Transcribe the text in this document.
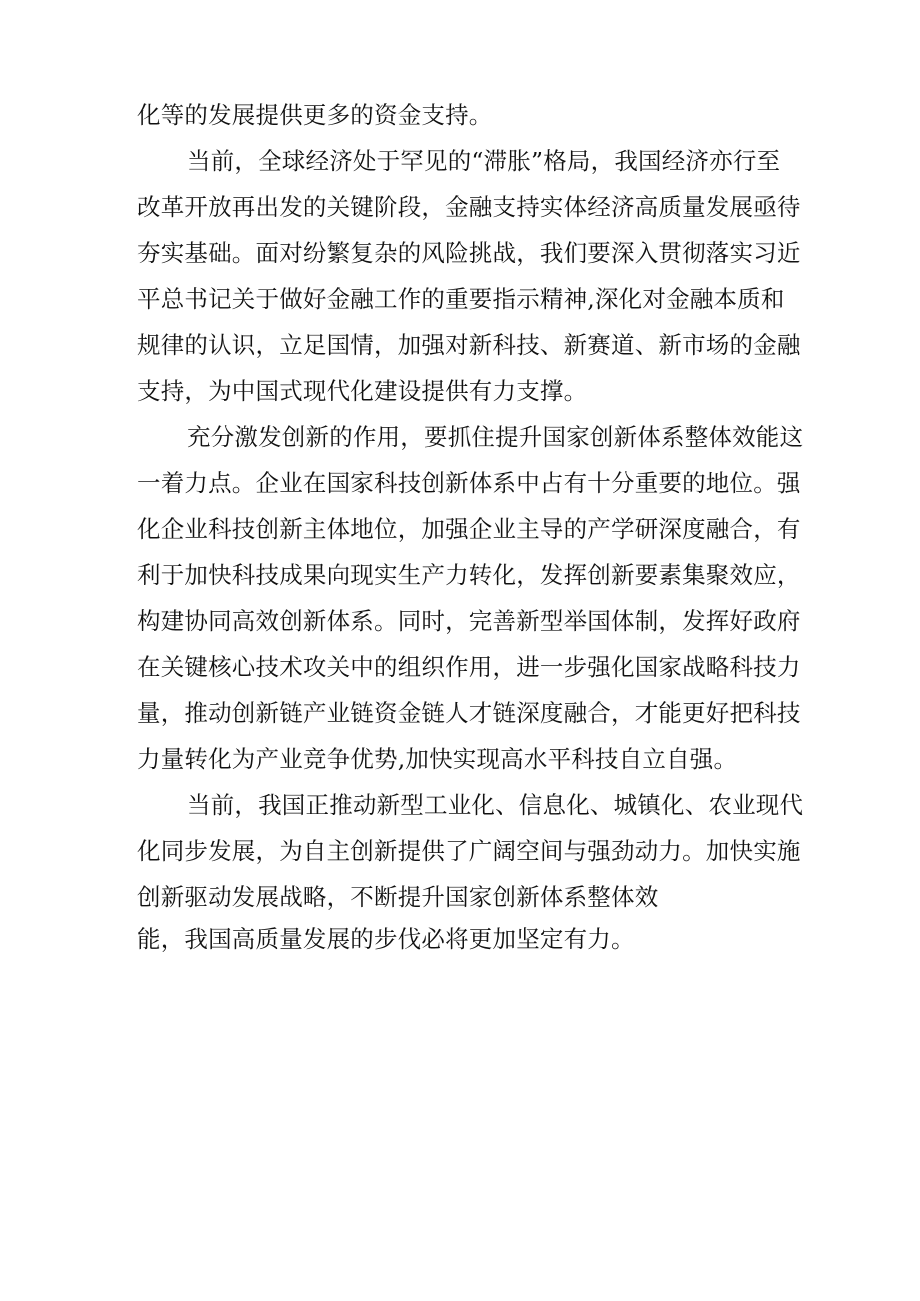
化等的发展提供更多的资金支持。
当前，全球经济处于罕见的“滞胀”格局，我国经济亦行至
改革开放再出发的关键阶段，金融支持实体经济高质量发展亟待
夯实基础。面对纷繁复杂的风险挑战，我们要深入贯彻落实习近
平总书记关于做好金融工作的重要指示精神,深化对金融本质和
规律的认识，立足国情，加强对新科技、新赛道、新市场的金融
支持，为中国式现代化建设提供有力支撑。
充分激发创新的作用，要抓住提升国家创新体系整体效能这
一着力点。企业在国家科技创新体系中占有十分重要的地位。强
化企业科技创新主体地位，加强企业主导的产学研深度融合，有
利于加快科技成果向现实生产力转化，发挥创新要素集聚效应，
构建协同高效创新体系。同时，完善新型举国体制，发挥好政府
在关键核心技术攻关中的组织作用，进一步强化国家战略科技力
量，推动创新链产业链资金链人才链深度融合，才能更好把科技
力量转化为产业竞争优势,加快实现高水平科技自立自强。
当前，我国正推动新型工业化、信息化、城镇化、农业现代
化同步发展，为自主创新提供了广阔空间与强劲动力。加快实施
创新驱动发展战略，不断提升国家创新体系整体效
能，我国高质量发展的步伐必将更加坚定有力。
